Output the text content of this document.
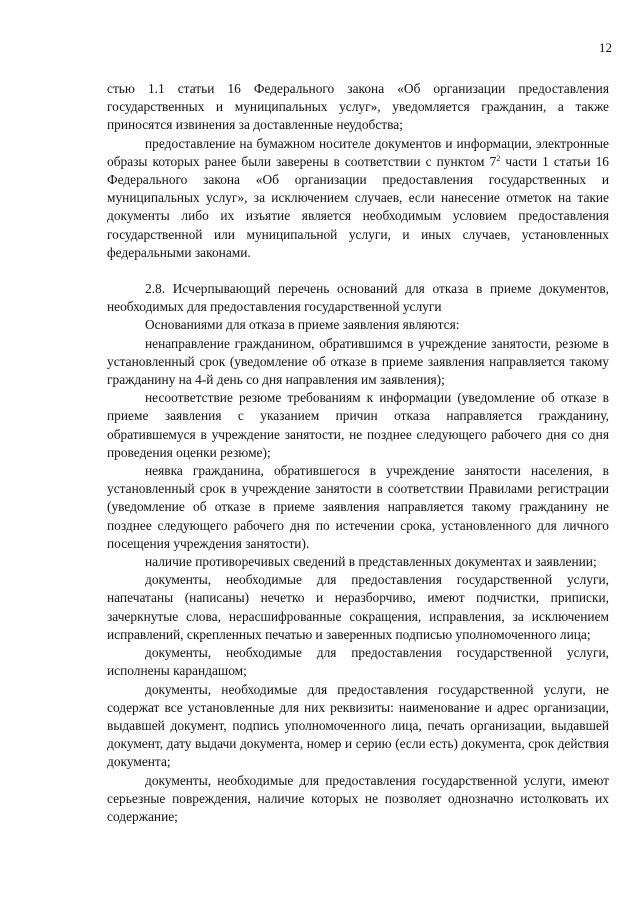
12

стью 1.1 статьи 16 Федерального закона «Об организации предоставления государственных и муниципальных услуг», уведомляется гражданин, а также приносятся извинения за доставленные неудобства;

предоставление на бумажном носителе документов и информации, электронные образы которых ранее были заверены в соответствии с пунктом $7^2$ части 1 статьи 16 Федерального закона «Об организации предоставления государственных и муниципальных услуг», за исключением случаев, если нанесение отметок на такие документы либо их изъятие является необходимым условием предоставления государственной или муниципальной услуги, и иных случаев, установленных федеральными законами.

2.8. Исчерпывающий перечень оснований для отказа в приеме документов, необходимых для предоставления государственной услуги

Основаниями для отказа в приеме заявления являются:

ненаправление гражданином, обратившимся в учреждение занятости, резюме в установленный срок (уведомление об отказе в приеме заявления направляется такому гражданину на 4-й день со дня направления им заявления);

несоответствие резюме требованиям к информации (уведомление об отказе в приеме заявления с указанием причин отказа направляется гражданину, обратившемуся в учреждение занятости, не позднее следующего рабочего дня со дня проведения оценки резюме);

неявка гражданина, обратившегося в учреждение занятости населения, в установленный срок в учреждение занятости в соответствии Правилами регистрации (уведомление об отказе в приеме заявления направляется такому гражданину не позднее следующего рабочего дня по истечении срока, установленного для личного посещения учреждения занятости).

наличие противоречивых сведений в представленных документах и заявлении;

документы, необходимые для предоставления государственной услуги, напечатаны (написаны) нечетко и неразборчиво, имеют подчистки, приписки, зачеркнутые слова, нерасшифрованные сокращения, исправления, за исключением исправлений, скрепленных печатью и заверенных подписью уполномоченного лица;

документы, необходимые для предоставления государственной услуги, исполнены карандашом;

документы, необходимые для предоставления государственной услуги, не содержат все установленные для них реквизиты: наименование и адрес организации, выдавшей документ, подпись уполномоченного лица, печать организации, выдавшей документ, дату выдачи документа, номер и серию (если есть) документа, срок действия документа;

документы, необходимые для предоставления государственной услуги, имеют серьезные повреждения, наличие которых не позволяет однозначно истолковать их содержание;
